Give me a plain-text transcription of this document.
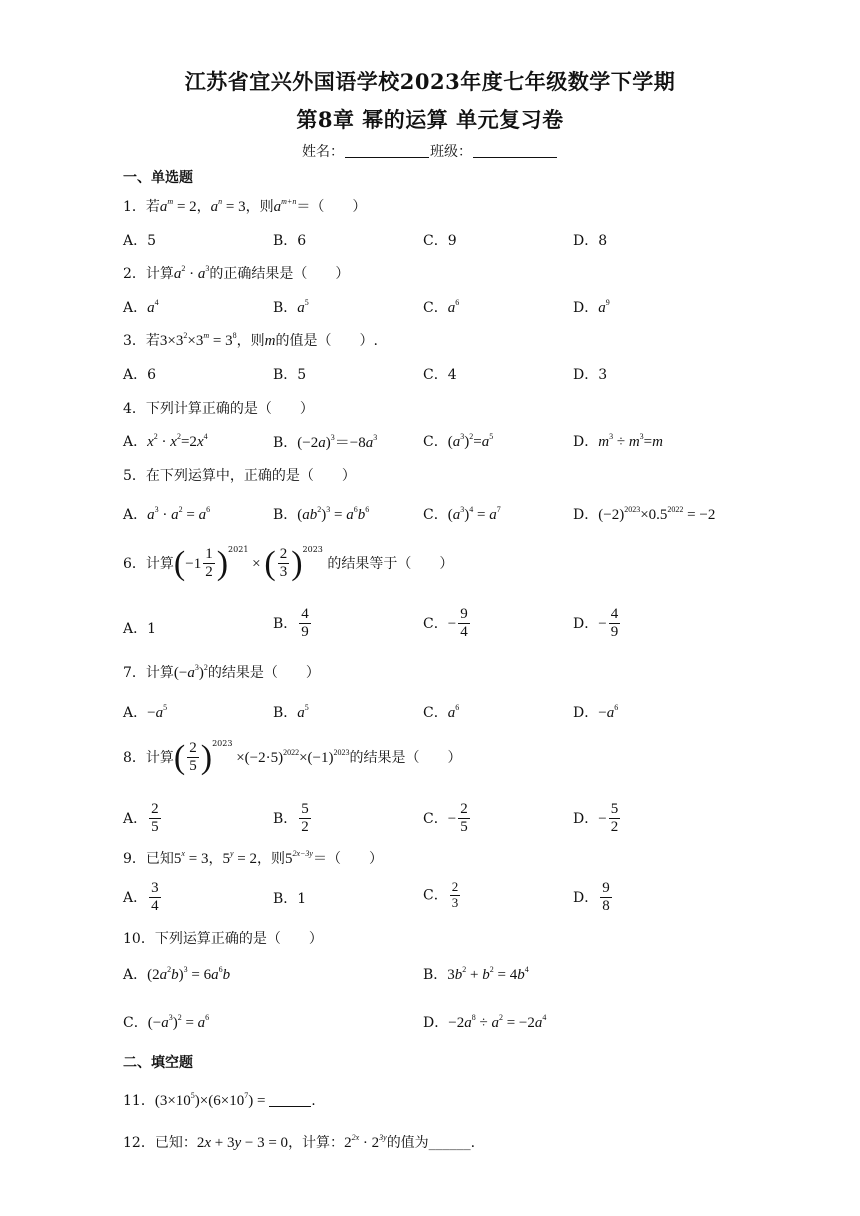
江苏省宜兴外国语学校2023年度七年级数学下学期
第8章 幂的运算 单元复习卷
姓名：	班级：
一、单选题
1．若$a^m = 2$，$a^n = 3$，则$a^{m+n}=$（　　）
A．5	B．6	C．9	D．8
2．计算$a^2 \cdot a^3$的正确结果是（　　）
A．$a^4$	B．$a^5$	C．$a^6$	D．$a^9$
3．若$3\times 3^2\times 3^m = 3^8$，则m的值是（　　）.
A．6	B．5	C．4	D．3
4．下列计算正确的是（　　）
A．$x^2 \cdot x^2=2x^4$	B．$(-2a)^3=-8a^3$	C．$(a^3)^2=a^5$	D．$m^3 \div m^3=m$
5．在下列运算中，正确的是（　　）
A．$a^3 \cdot a^2 = a^6$	B．$(ab^2)^3 = a^6b^6$	C．$(a^3)^4 = a^7$	D．$(-2)^{2023}\times 0.5^{2022} = -2$
6．计算$(-1 \frac{1}{2} )^{2021}$ × ( $\frac{2}{3} )^{2023}$ 的结果等于（　　）
A．1	B． $\frac{4}{9}$	C．− $\frac{9}{4}$	D．− $\frac{4}{9}$
7．计算$(-a^3)^2$的结果是（　　）
A．$-a^5$	B．$a^5$	C．$a^6$	D．$-a^6$
8．计算( $\frac{2}{5} )^{2023} \times(-2\cdot 5)^{2022}\times(-1)^{2023}$的结果是（　　）
A． $\frac{2}{5}$	B． $\frac{5}{2}$	C．− $\frac{2}{5}$	D．− $\frac{5}{2}$
9．已知$5^x = 3$，$5^y = 2$，则$5^{2x-3y}=$（　　）
A． $\frac{3}{4}$	B．1	C． $\frac{2}{3}$	D． $\frac{9}{8}$
10．下列运算正确的是（　　）
A．$(2a^2b)^3 = 6a^6b$	B．$3b^2 + b^2 = 4b^4$
C．$(-a^3)^2 = a^6$	D．$-2a^8 \div a^2 = -2a^4$
二、填空题
11．$(3\times 10^5)\times(6\times 10^7)$ =	.
12．已知：2x + 3y − 3 = 0，计算：$2^{2x} \cdot 2^{3y}$的值为______.
